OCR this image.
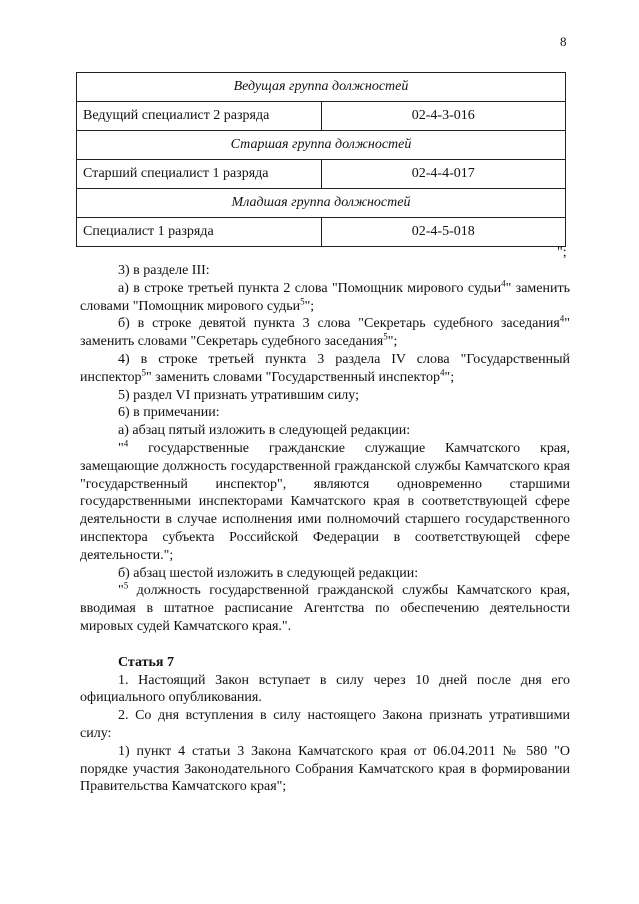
8
Ведущая группа должностей	
Ведущий специалист 2 разряда	02-4-3-016
Старшая группа должностей	
Старший специалист 1 разряда	02-4-4-017
Младшая группа должностей	
Специалист 1 разряда	02-4-5-018
";

3) в разделе III:

а) в строке третьей пункта 2 слова "Помощник мирового судьи$^4$" заменить словами "Помощник мирового судьи$^5$";

б) в строке девятой пункта 3 слова "Секретарь судебного заседания$^4$" заменить словами "Секретарь судебного заседания$^5$";

4) в строке третьей пункта 3 раздела IV слова "Государственный инспектор$^5$" заменить словами "Государственный инспектор$^4$";

5) раздел VI признать утратившим силу;

6) в примечании:

а) абзац пятый изложить в следующей редакции:

"$^4$ государственные гражданские служащие Камчатского края, замещающие должность государственной гражданской службы Камчатского края "государственный инспектор", являются одновременно старшими государственными инспекторами Камчатского края в соответствующей сфере деятельности в случае исполнения ими полномочий старшего государственного инспектора субъекта Российской Федерации в соответствующей сфере деятельности.";

б) абзац шестой изложить в следующей редакции:

"$^5$ должность государственной гражданской службы Камчатского края, вводимая в штатное расписание Агентства по обеспечению деятельности мировых судей Камчатского края.".

Статья 7

1. Настоящий Закон вступает в силу через 10 дней после дня его официального опубликования.

2. Со дня вступления в силу настоящего Закона признать утратившими силу:

1) пункт 4 статьи 3 Закона Камчатского края от 06.04.2011 № 580 "О порядке участия Законодательного Собрания Камчатского края в формировании Правительства Камчатского края";
